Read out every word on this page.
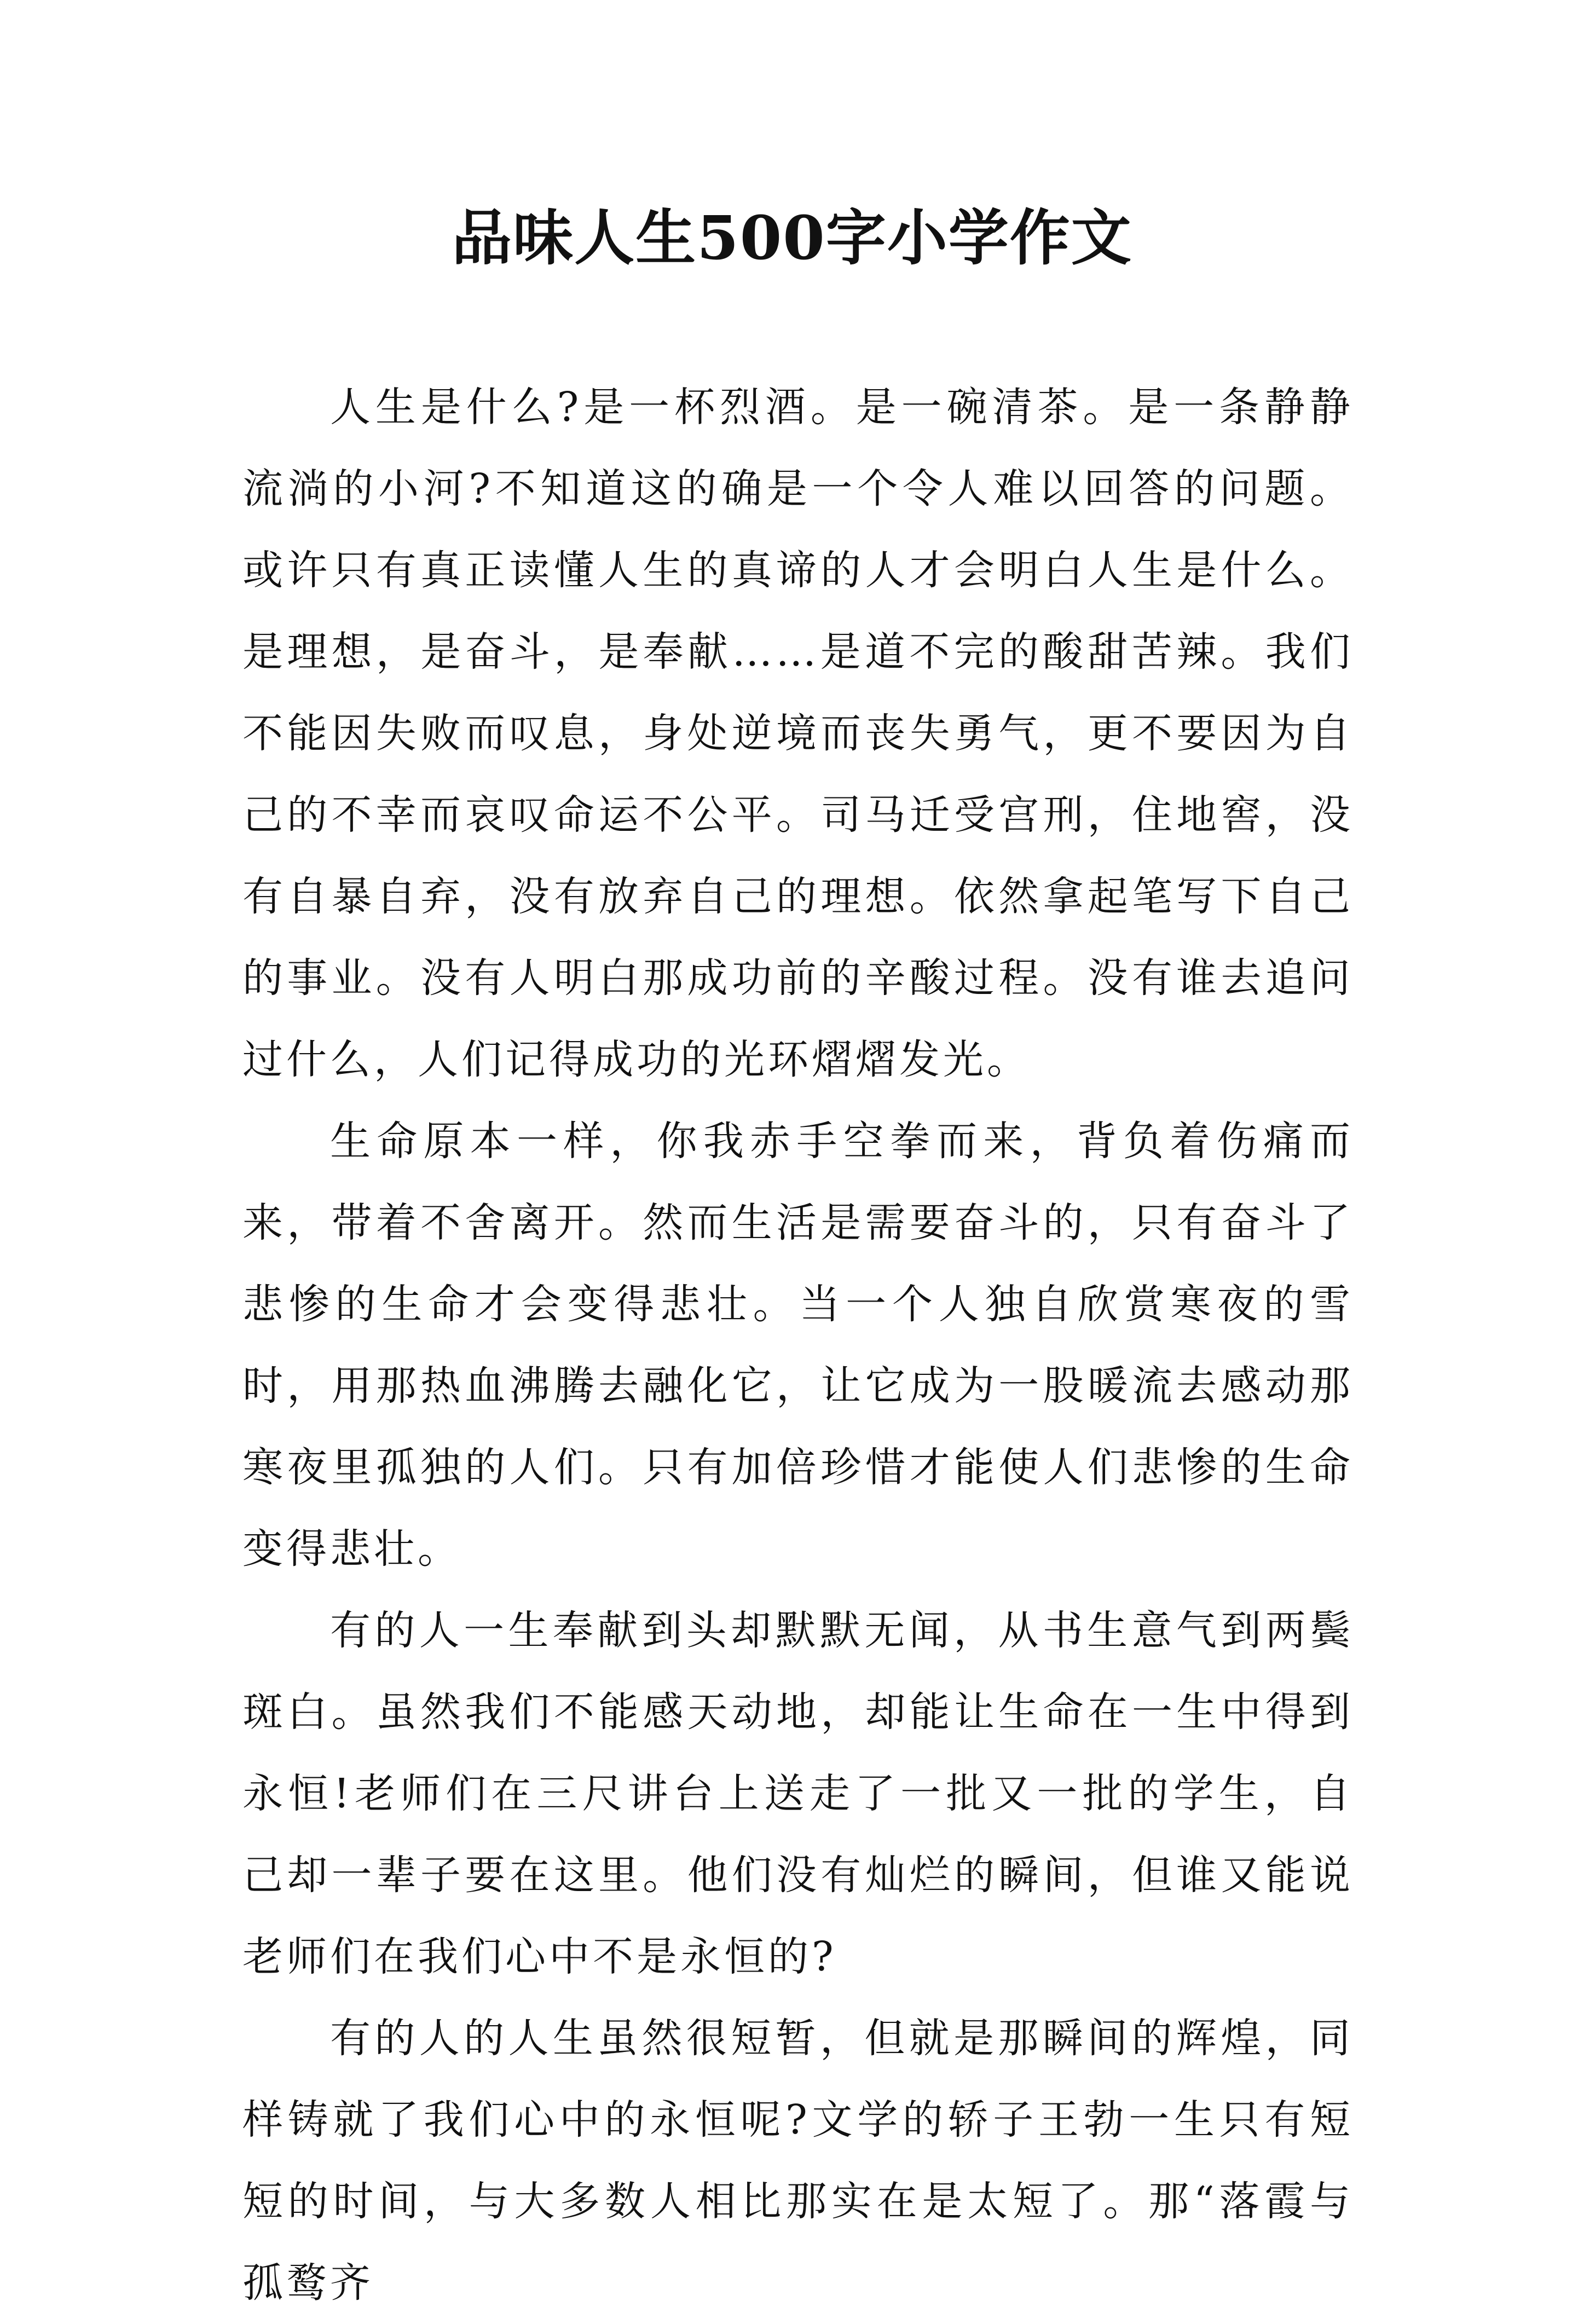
品味人生500字小学作文

人生是什么?是一杯烈酒。是一碗清茶。是一条静静流淌的小河?不知道这的确是一个令人难以回答的问题。或许只有真正读懂人生的真谛的人才会明白人生是什么。是理想，是奋斗，是奉献……是道不完的酸甜苦辣。我们不能因失败而叹息，身处逆境而丧失勇气，更不要因为自己的不幸而哀叹命运不公平。司马迁受宫刑，住地窖，没有自暴自弃，没有放弃自己的理想。依然拿起笔写下自己的事业。没有人明白那成功前的辛酸过程。没有谁去追问过什么，人们记得成功的光环熠熠发光。

生命原本一样，你我赤手空拳而来，背负着伤痛而来，带着不舍离开。然而生活是需要奋斗的，只有奋斗了悲惨的生命才会变得悲壮。当一个人独自欣赏寒夜的雪时，用那热血沸腾去融化它，让它成为一股暖流去感动那寒夜里孤独的人们。只有加倍珍惜才能使人们悲惨的生命变得悲壮。

有的人一生奉献到头却默默无闻，从书生意气到两鬓斑白。虽然我们不能感天动地，却能让生命在一生中得到永恒!老师们在三尺讲台上送走了一批又一批的学生，自己却一辈子要在这里。他们没有灿烂的瞬间，但谁又能说老师们在我们心中不是永恒的?

有的人的人生虽然很短暂，但就是那瞬间的辉煌，同样铸就了我们心中的永恒呢?文学的轿子王勃一生只有短短的时间，与大多数人相比那实在是太短了。那“落霞与孤鹜齐
